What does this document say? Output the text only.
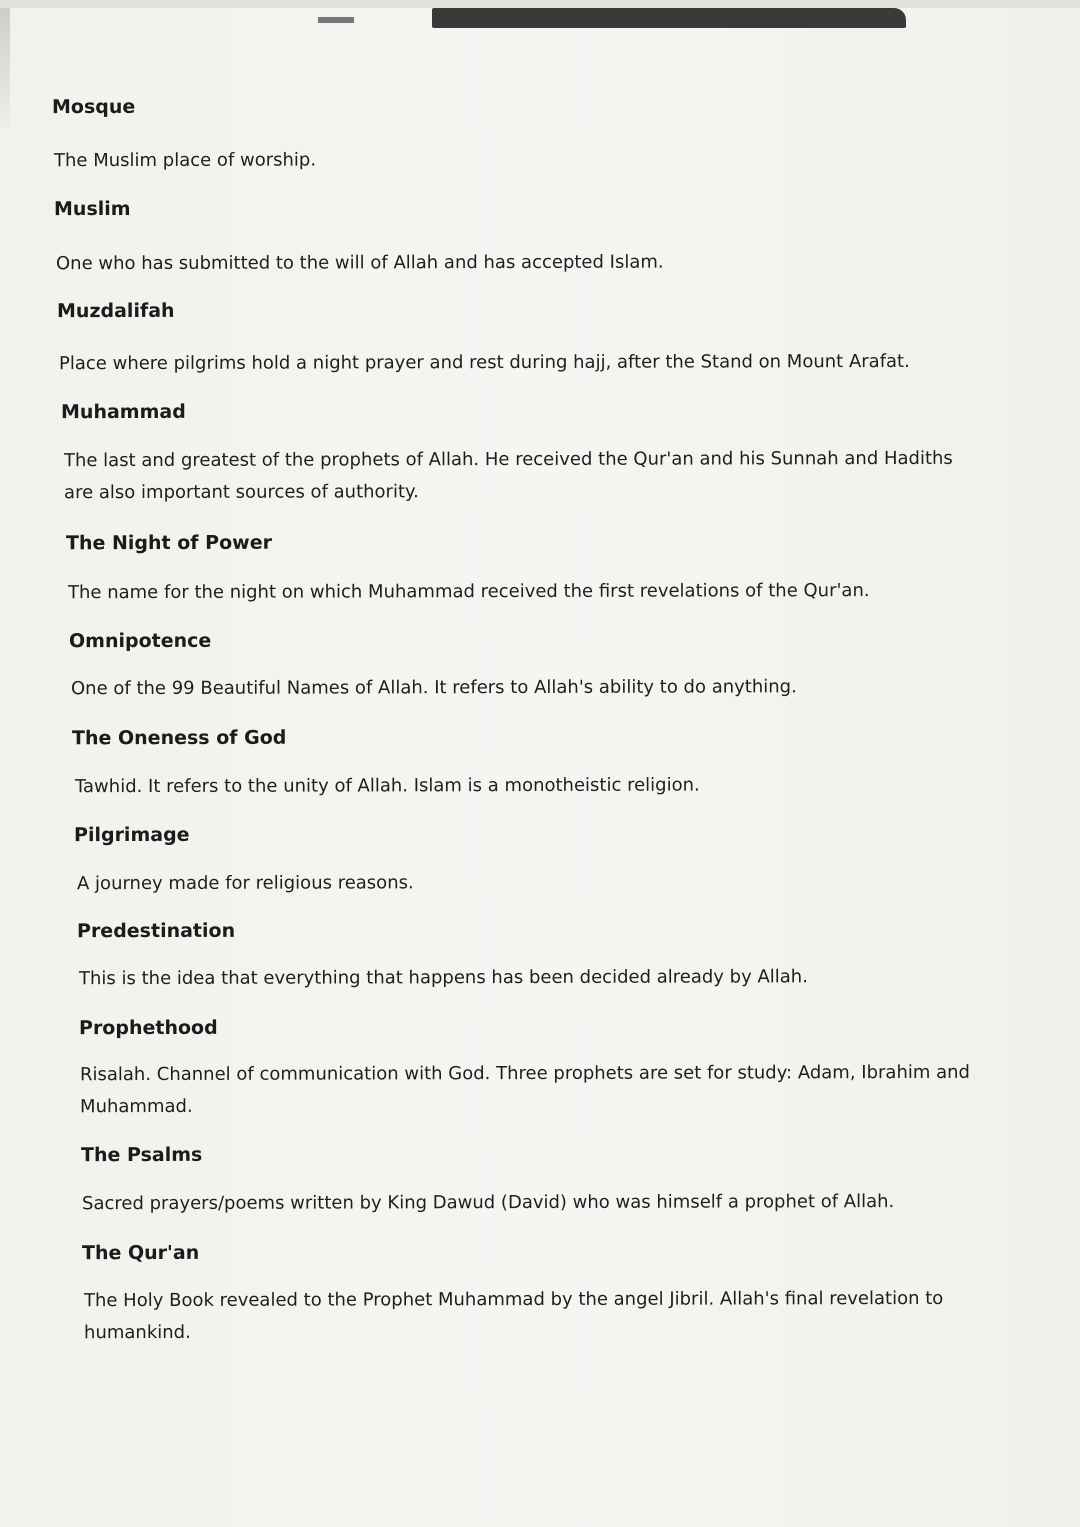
Mosque
The Muslim place of worship.
Muslim
One who has submitted to the will of Allah and has accepted Islam.
Muzdalifah
Place where pilgrims hold a night prayer and rest during hajj, after the Stand on Mount Arafat.
Muhammad
The last and greatest of the prophets of Allah. He received the Qur'an and his Sunnah and Hadiths are also important sources of authority.
The Night of Power
The name for the night on which Muhammad received the first revelations of the Qur'an.
Omnipotence
One of the 99 Beautiful Names of Allah. It refers to Allah's ability to do anything.
The Oneness of God
Tawhid. It refers to the unity of Allah. Islam is a monotheistic religion.
Pilgrimage
A journey made for religious reasons.
Predestination
This is the idea that everything that happens has been decided already by Allah.
Prophethood
Risalah. Channel of communication with God. Three prophets are set for study: Adam, Ibrahim and Muhammad.
The Psalms
Sacred prayers/poems written by King Dawud (David) who was himself a prophet of Allah.
The Qur'an
The Holy Book revealed to the Prophet Muhammad by the angel Jibril. Allah's final revelation to humankind.
